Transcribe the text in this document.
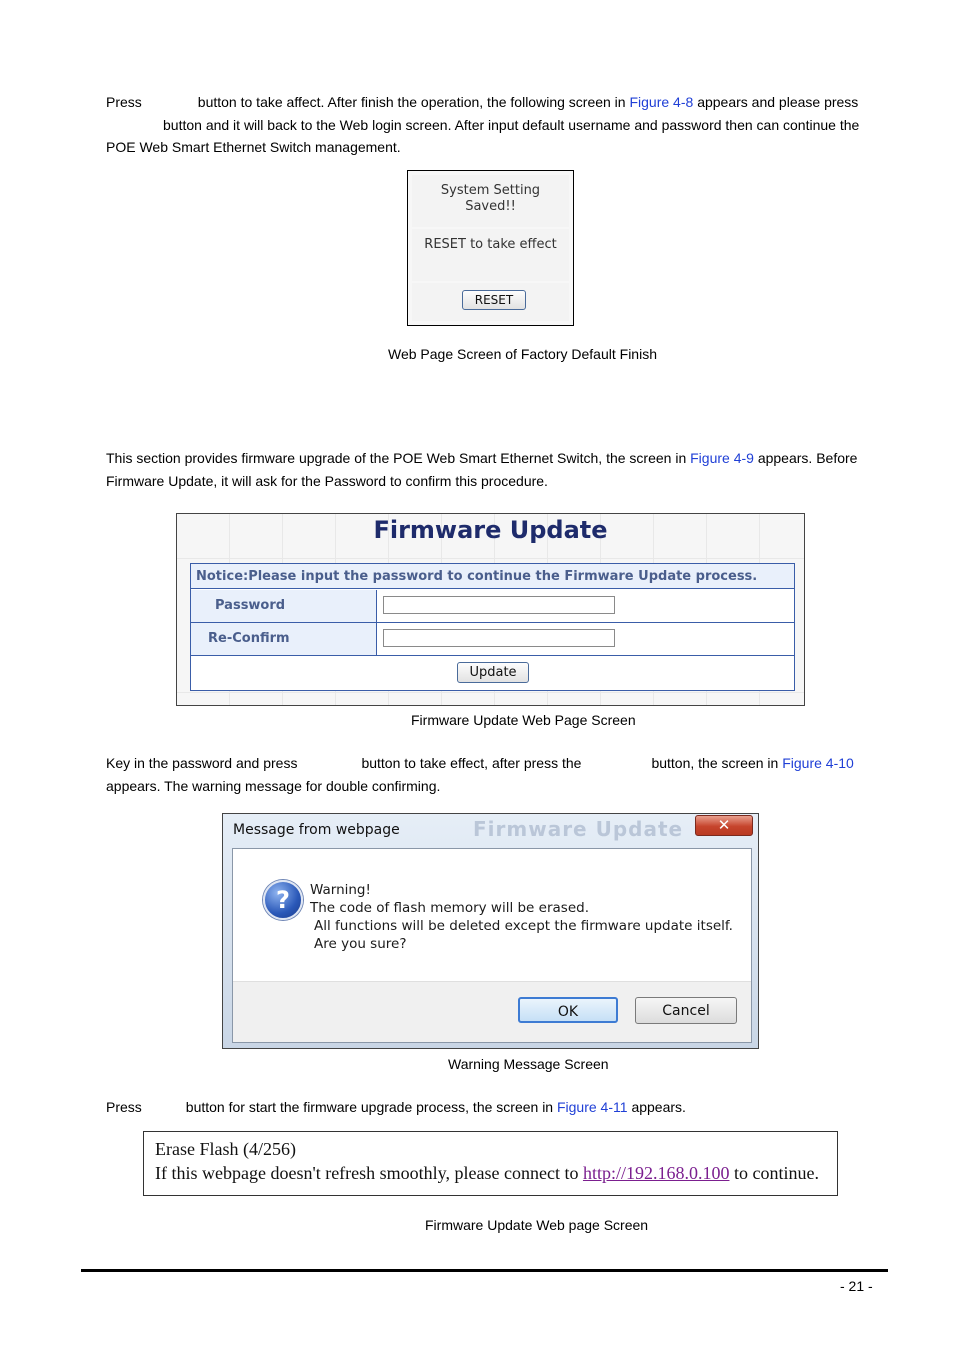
Press	button to take affect. After finish the operation, the following screen in Figure 4-8 appears and please press
button and it will back to the Web login screen. After input default username and password then can continue the
POE Web Smart Ethernet Switch management.

System Setting
Saved!!
RESET to take effect
RESET
Web Page Screen of Factory Default Finish

This section provides firmware upgrade of the POE Web Smart Ethernet Switch, the screen in Figure 4-9 appears. Before
Firmware Update, it will ask for the Password to confirm this procedure.

Firmware Update
Notice:Please input the password to continue the Firmware Update process.
Password
Re-Confirm
Update
Firmware Update Web Page Screen

Key in the password and press	button to take effect, after press the	button, the screen in Figure 4-10
appears. The warning message for double confirming.

Firmware Update
Message from webpage	✕
?	Warning!
The code of flash memory will be erased.
All functions will be deleted except the firmware update itself.
Are you sure?
OK	Cancel
Warning Message Screen

Press	button for start the firmware upgrade process, the screen in Figure 4-11 appears.

Erase Flash (4/256)
If this webpage doesn't refresh smoothly, please connect to http://192.168.0.100 to continue.
Firmware Update Web page Screen
- 21 -
